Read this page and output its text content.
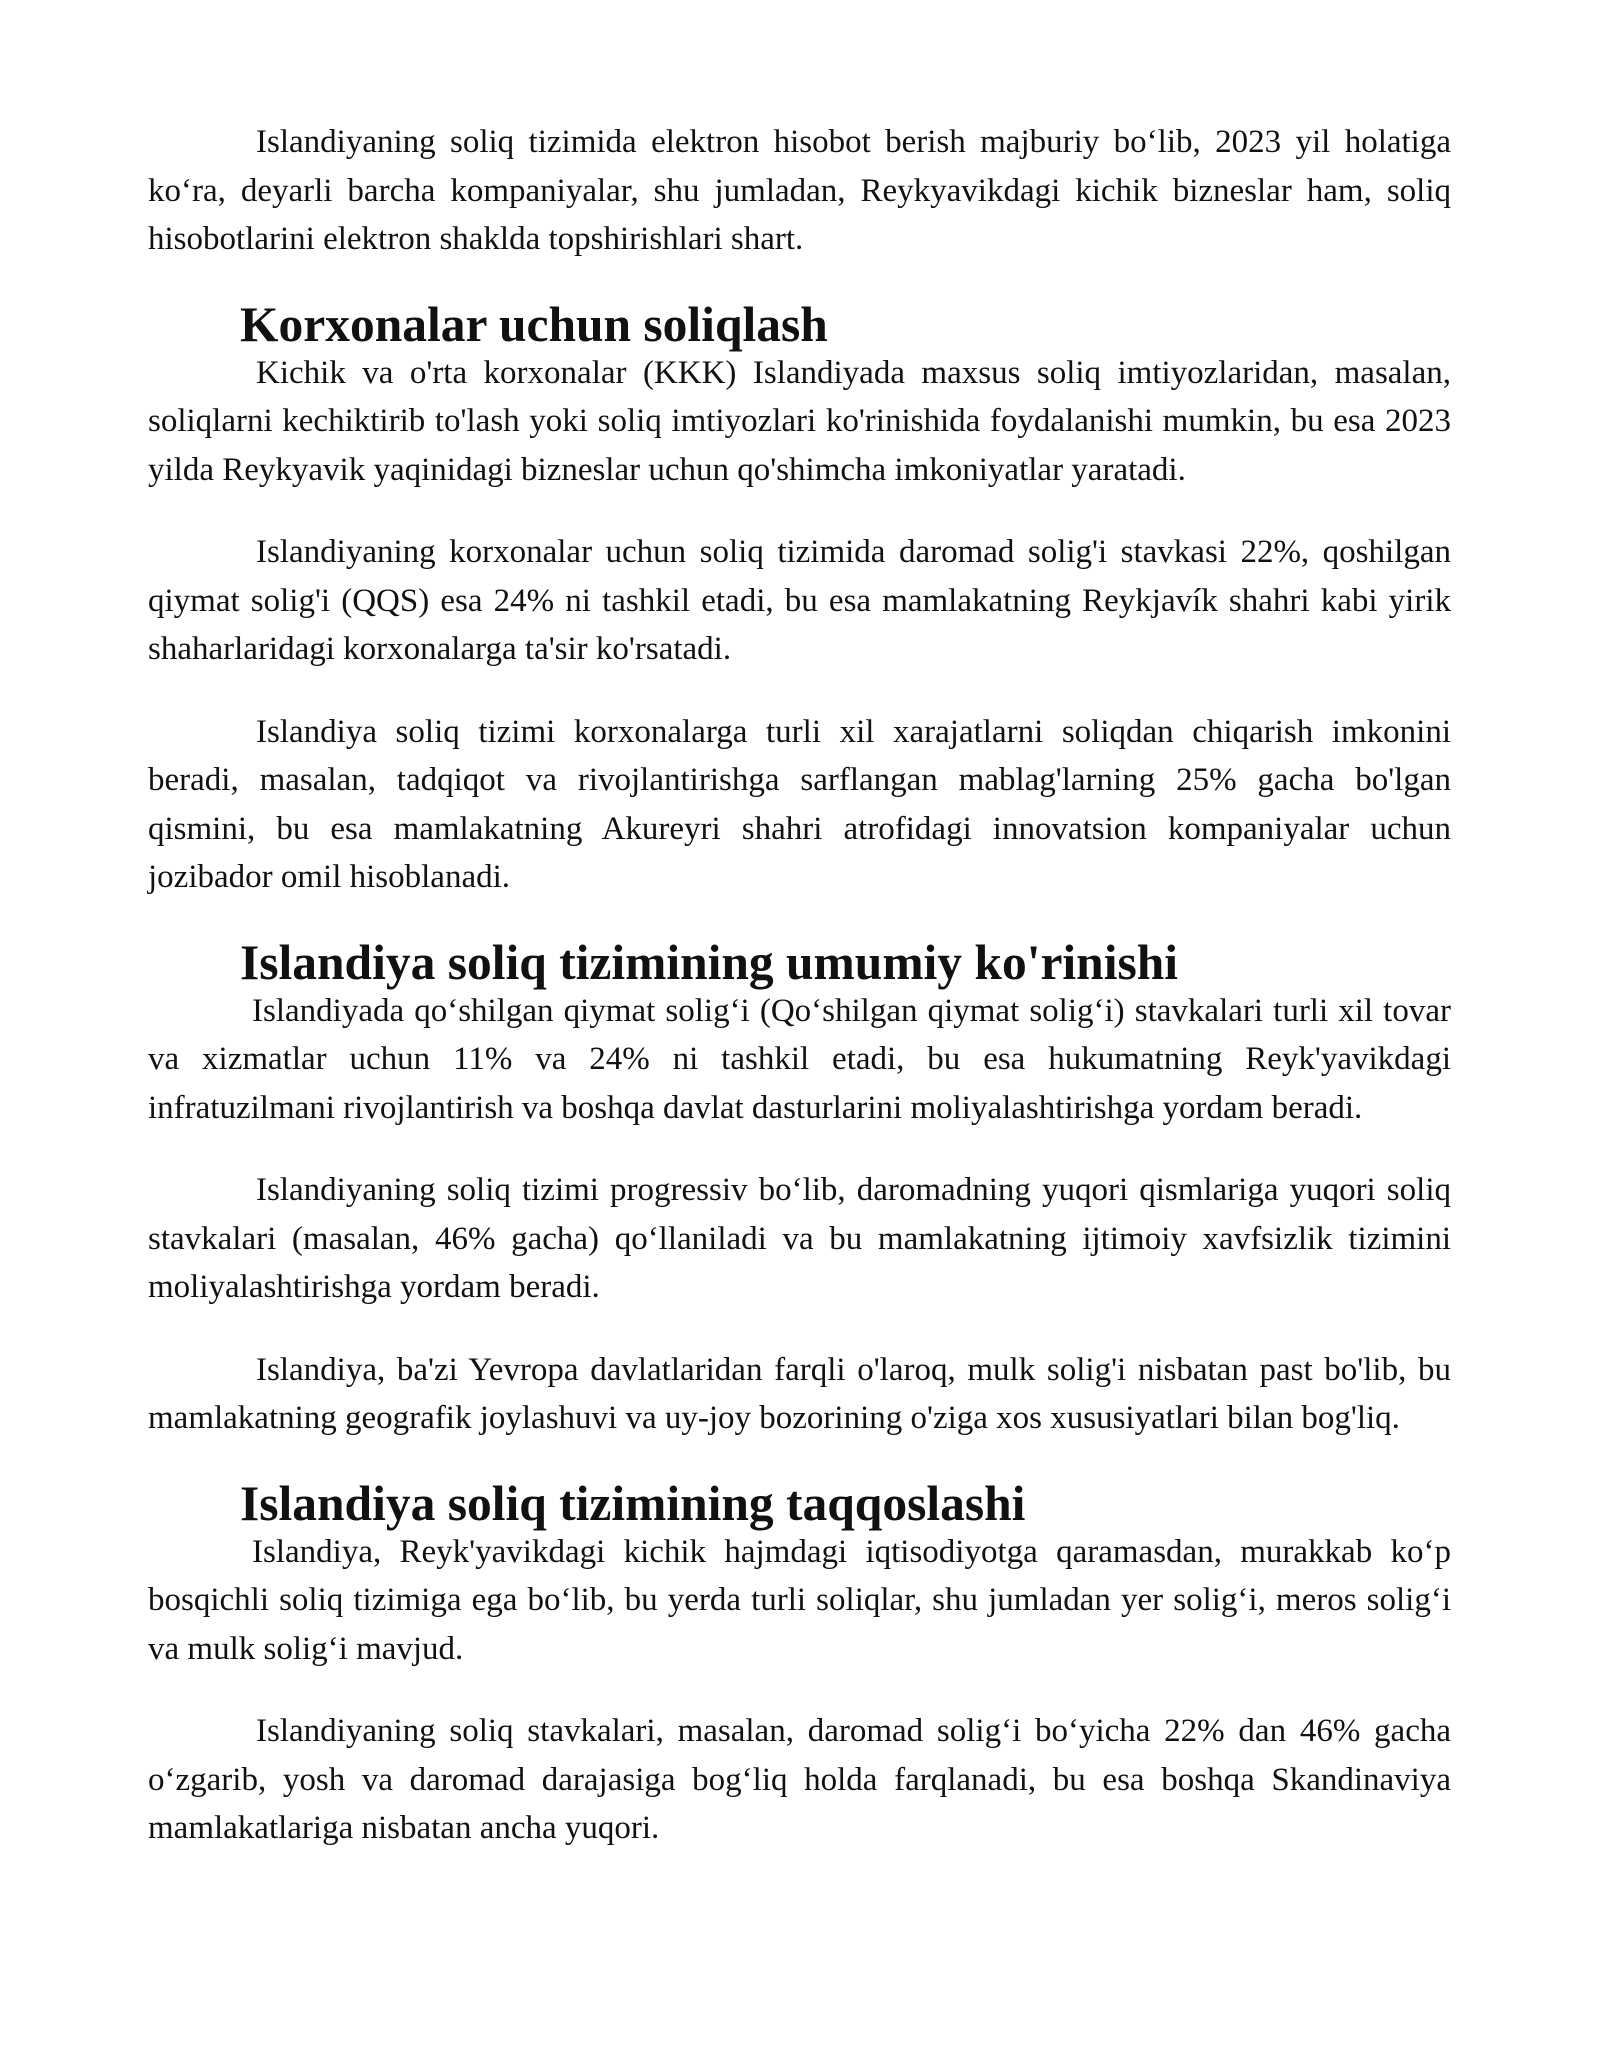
Islandiyaning soliq tizimida elektron hisobot berish majburiy bo‘lib, 2023 yil holatiga ko‘ra, deyarli barcha kompaniyalar, shu jumladan, Reykyavikdagi kichik bizneslar ham, soliq hisobotlarini elektron shaklda topshirishlari shart.

Korxonalar uchun soliqlash

Kichik va o'rta korxonalar (KKK) Islandiyada maxsus soliq imtiyozlaridan, masalan, soliqlarni kechiktirib to'lash yoki soliq imtiyozlari ko'rinishida foydalanishi mumkin, bu esa 2023 yilda Reykyavik yaqinidagi bizneslar uchun qo'shimcha imkoniyatlar yaratadi.

Islandiyaning korxonalar uchun soliq tizimida daromad solig'i stavkasi 22%, qoshilgan qiymat solig'i (QQS) esa 24% ni tashkil etadi, bu esa mamlakatning Reykjavík shahri kabi yirik shaharlaridagi korxonalarga ta'sir ko'rsatadi.

Islandiya soliq tizimi korxonalarga turli xil xarajatlarni soliqdan chiqarish imkonini beradi, masalan, tadqiqot va rivojlantirishga sarflangan mablag'larning 25% gacha bo'lgan qismini, bu esa mamlakatning Akureyri shahri atrofidagi innovatsion kompaniyalar uchun jozibador omil hisoblanadi.

Islandiya soliq tizimining umumiy ko'rinishi

Islandiyada qo‘shilgan qiymat solig‘i (Qo‘shilgan qiymat solig‘i) stavkalari turli xil tovar va xizmatlar uchun 11% va 24% ni tashkil etadi, bu esa hukumatning Reyk'yavikdagi infratuzilmani rivojlantirish va boshqa davlat dasturlarini moliyalashtirishga yordam beradi.

Islandiyaning soliq tizimi progressiv bo‘lib, daromadning yuqori qismlariga yuqori soliq stavkalari (masalan, 46% gacha) qo‘llaniladi va bu mamlakatning ijtimoiy xavfsizlik tizimini moliyalashtirishga yordam beradi.

Islandiya, ba'zi Yevropa davlatlaridan farqli o'laroq, mulk solig'i nisbatan past bo'lib, bu mamlakatning geografik joylashuvi va uy-joy bozorining o'ziga xos xususiyatlari bilan bog'liq.

Islandiya soliq tizimining taqqoslashi

Islandiya, Reyk'yavikdagi kichik hajmdagi iqtisodiyotga qaramasdan, murakkab ko‘p bosqichli soliq tizimiga ega bo‘lib, bu yerda turli soliqlar, shu jumladan yer solig‘i, meros solig‘i va mulk solig‘i mavjud.

Islandiyaning soliq stavkalari, masalan, daromad solig‘i bo‘yicha 22% dan 46% gacha o‘zgarib, yosh va daromad darajasiga bog‘liq holda farqlanadi, bu esa boshqa Skandinaviya mamlakatlariga nisbatan ancha yuqori.
